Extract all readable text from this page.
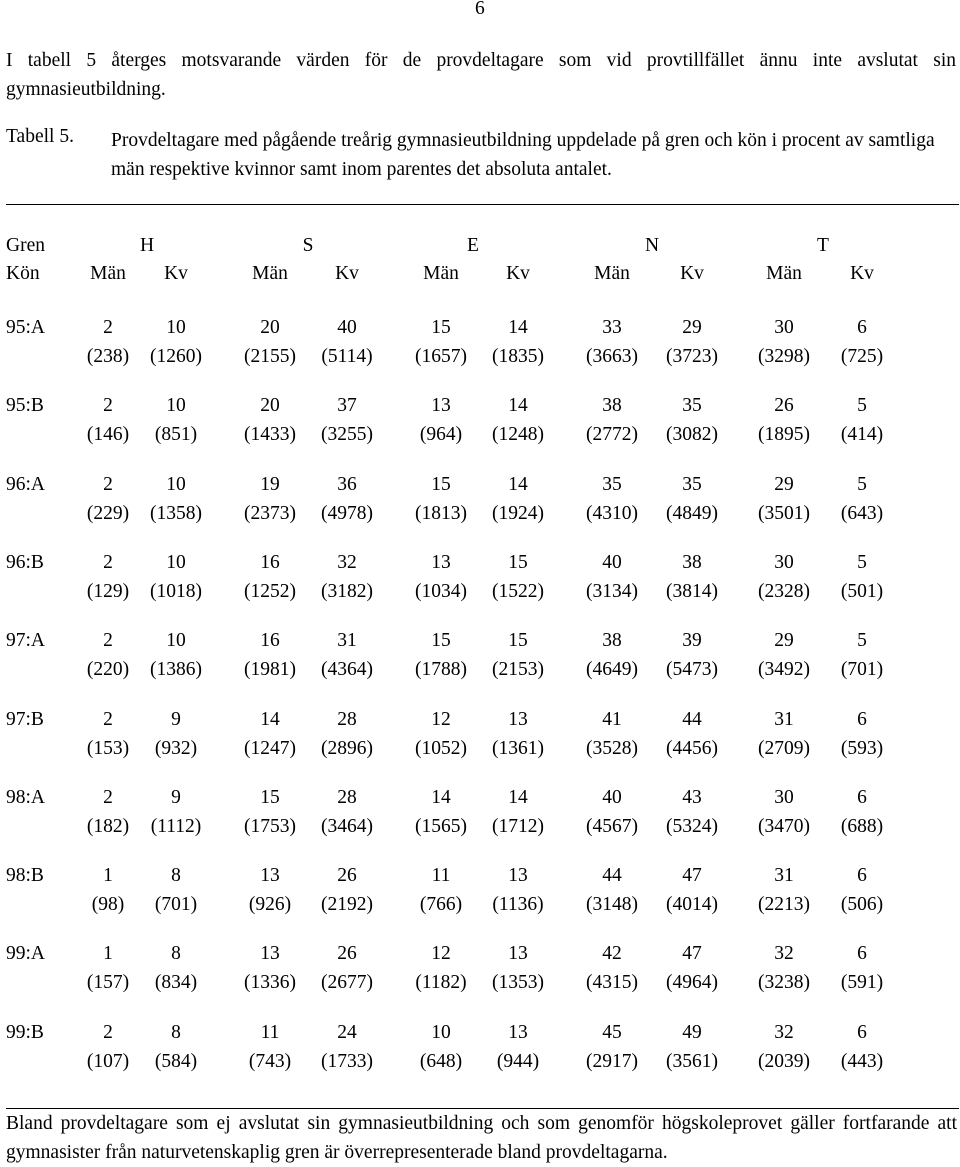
6
I tabell 5 återges motsvarande värden för de provdeltagare som vid provtillfället ännu inte avslutat sin gymnasieutbildning.
Tabell 5. Provdeltagare med pågående treårig gymnasieutbildning uppdelade på gren och kön i procent av samtliga män respektive kvinnor samt inom parentes det absoluta antalet.
Gren	H	S	E	N	T
Kön	Män Kv	Män Kv	Män Kv	Män	Kv	Män Kv
95:A	2	10	20	40	15	14	33	29	30	6
(238) (1260) (2155) (5114) (1657) (1835) (3663) (3723) (3298) (725)
95:B	2	10	20	37	13	14	38	35	26	5
(146) (851) (1433) (3255) (964) (1248) (2772) (3082) (1895) (414)
96:A	2	10	19	36	15	14	35	35	29	5
(229) (1358) (2373) (4978) (1813) (1924) (4310) (4849) (3501) (643)
96:B	2	10	16	32	13	15	40	38	30	5
(129) (1018) (1252) (3182) (1034) (1522) (3134) (3814) (2328) (501)
97:A	2	10	16	31	15	15	38	39	29	5
(220) (1386) (1981) (4364) (1788) (2153) (4649) (5473) (3492) (701)
97:B	2	9	14	28	12	13	41	44	31	6
(153) (932) (1247) (2896) (1052) (1361) (3528) (4456) (2709) (593)
98:A	2	9	15	28	14	14	40	43	30	6
(182) (1112) (1753) (3464) (1565) (1712) (4567) (5324) (3470) (688)
98:B	1	8	13	26	11	13	44	47	31	6
(98) (701)	(926) (2192) (766) (1136) (3148) (4014) (2213) (506)
99:A	1	8	13	26	12	13	42	47	32	6
(157) (834) (1336) (2677) (1182) (1353) (4315) (4964) (3238) (591)
99:B	2	8	11	24	10	13	45	49	32	6
(107) (584)	(743) (1733) (648) (944) (2917) (3561) (2039) (443)
Bland provdeltagare som ej avslutat sin gymnasieutbildning och som genomför högskoleprovet gäller fortfarande att gymnasister från naturvetenskaplig gren är överrepresenterade bland provdeltagarna.
